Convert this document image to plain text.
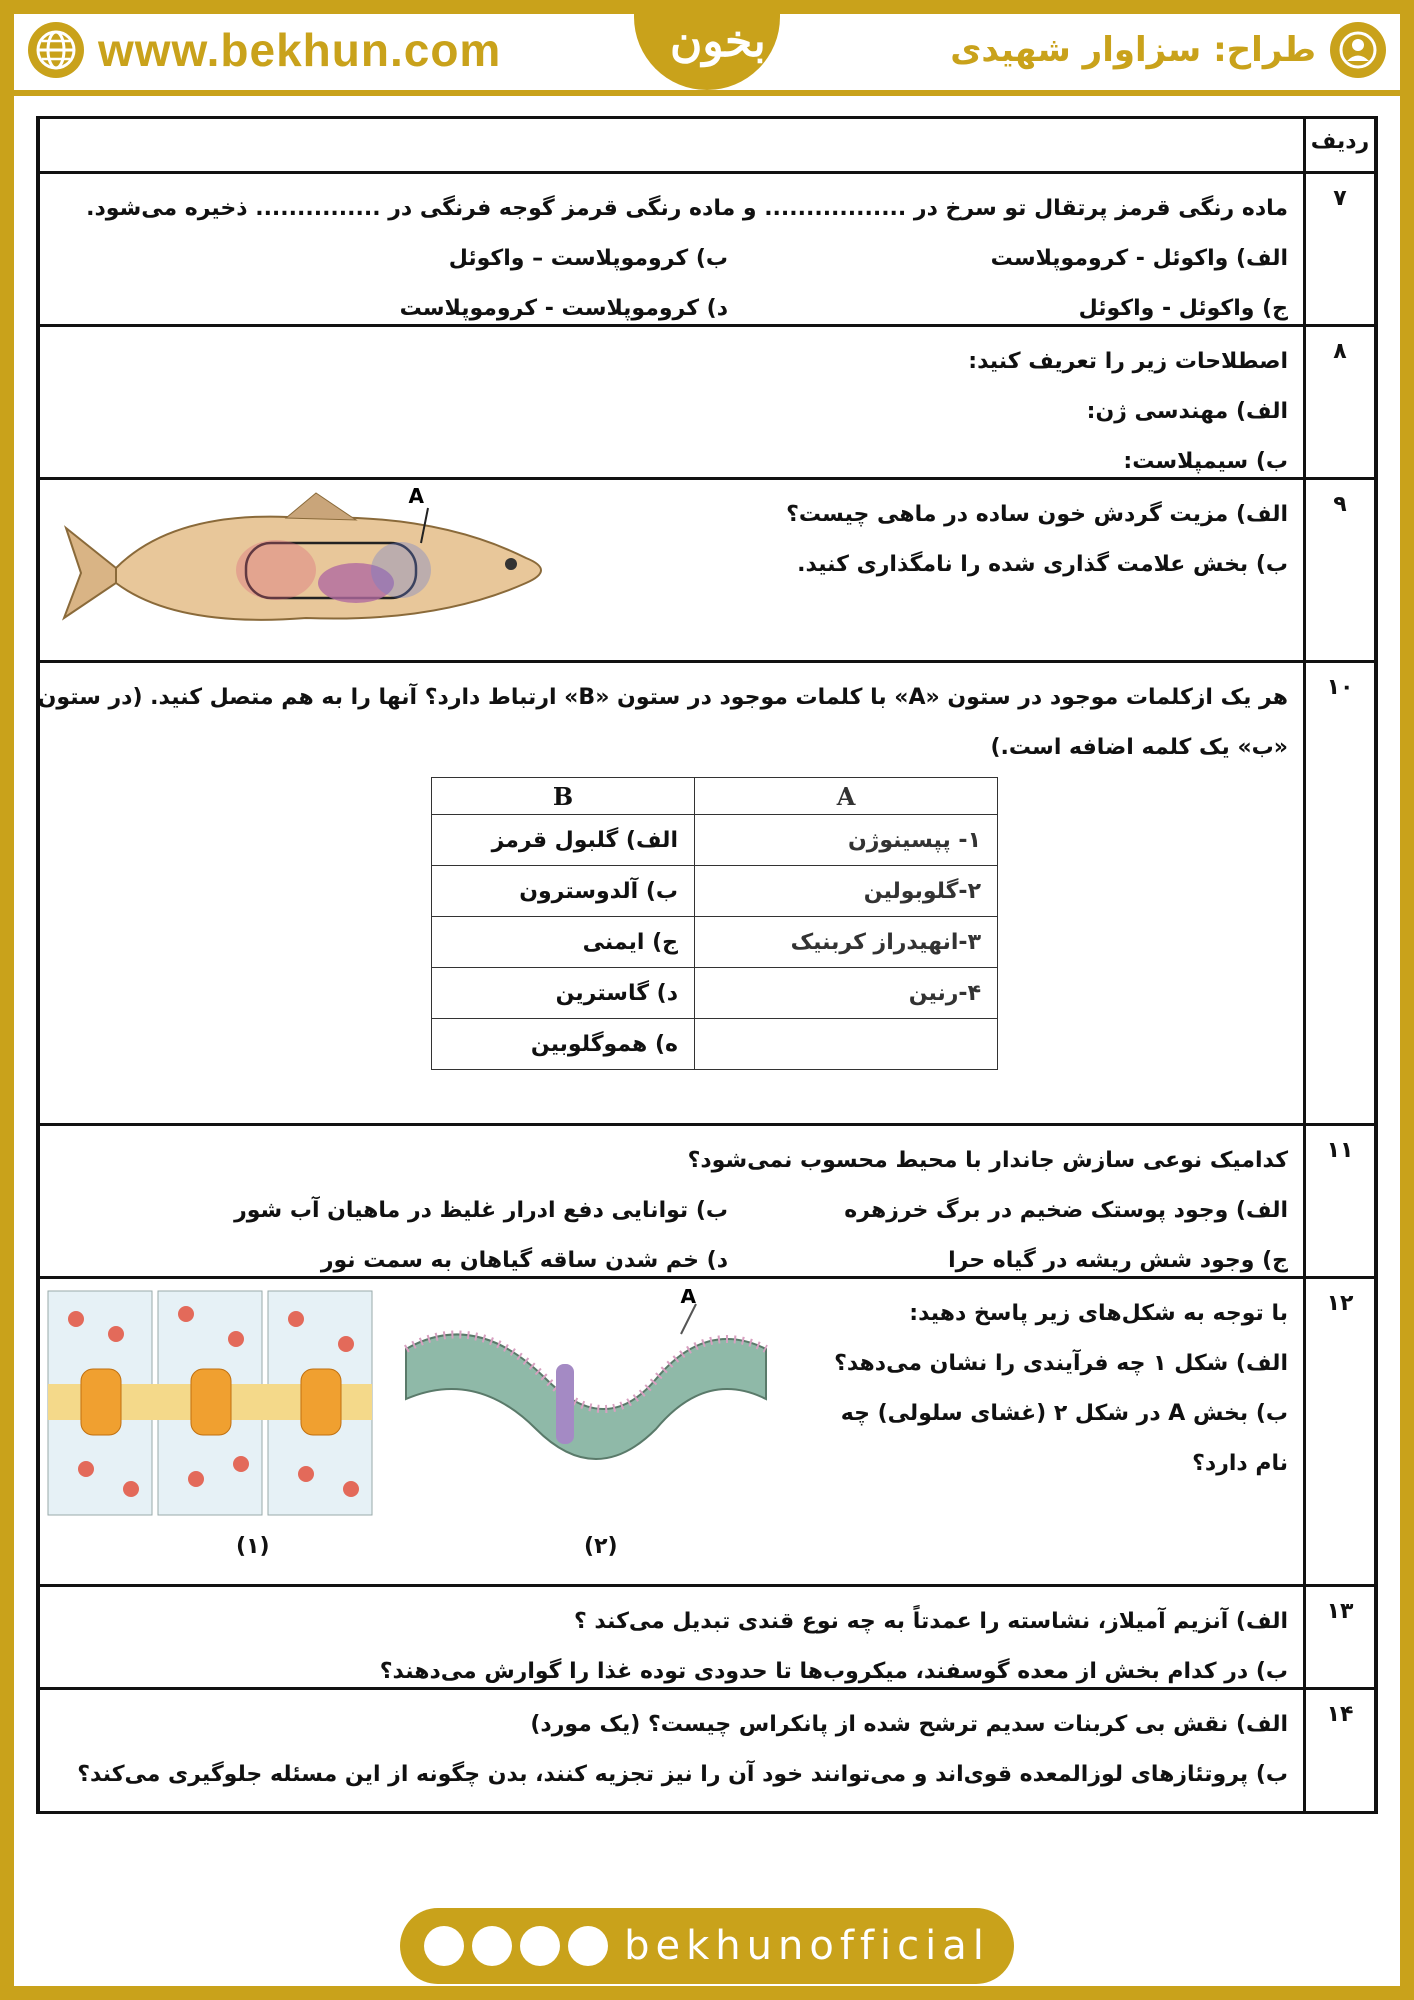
بخون
www.bekhun.com	طراح: سزاوار شهیدی
ردیف
۷
ماده رنگی قرمز پرتقال تو سرخ در ................. و ماده رنگی قرمز گوجه فرنگی در ............... ذخیره می‌شود.
الف) واکوئل - کروموپلاست
ب) کروموپلاست – واکوئل
ج) واکوئل - واکوئل
د) کروموپلاست - کروموپلاست
۸
اصطلاحات زیر را تعریف کنید:
الف) مهندسی ژن:
ب) سیمپلاست:
۹
الف) مزیت گردش خون ساده در ماهی چیست؟
ب) بخش علامت گذاری شده را نامگذاری کنید.
A
۱۰
هر یک ازکلمات موجود در ستون «A» با کلمات موجود در ستون «B» ارتباط دارد؟ آنها را به هم متصل کنید. (در ستون
«ب» یک کلمه اضافه است.)
A	B
۱- پپسینوژن	الف) گلبول قرمز
۲-گلوبولین	ب) آلدوسترون
۳-انهیدراز کربنیک	ج) ایمنی
۴-رنین	د) گاسترین
	ه) هموگلوبین
۱۱
کدامیک نوعی سازش جاندار با محیط محسوب نمی‌شود؟
الف) وجود پوستک ضخیم در برگ خرزهره
ب) توانایی دفع ادرار غلیظ در ماهیان آب شور
ج) وجود شش ریشه در گیاه حرا
د) خم شدن ساقه گیاهان به سمت نور
۱۲
با توجه به شکل‌های زیر پاسخ دهید:
الف) شکل ۱ چه فرآیندی را نشان می‌دهد؟
ب) بخش A در شکل ۲ (غشای سلولی) چه
نام دارد؟
A
(۱)	(۲)
۱۳
الف) آنزیم آمیلاز، نشاسته را عمدتاً به چه نوع قندی تبدیل می‌کند ؟
ب) در کدام بخش از معده گوسفند، میکروب‌ها تا حدودی توده غذا را گوارش می‌دهند؟
۱۴
الف) نقش بی کربنات سدیم ترشح شده از پانکراس چیست؟ (یک مورد)
ب) پروتئازهای لوزالمعده قوی‌اند و می‌توانند خود آن را نیز تجزیه کنند، بدن چگونه از این مسئله جلوگیری می‌کند؟
bekhunofficial
